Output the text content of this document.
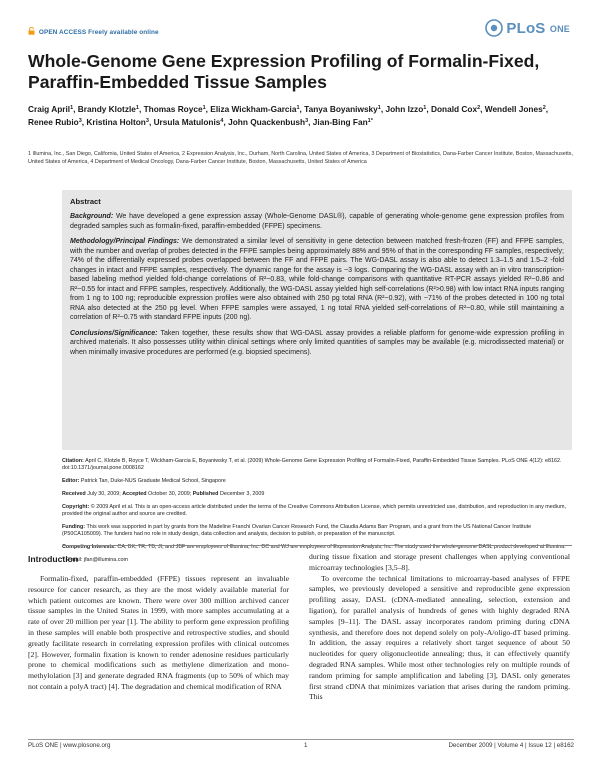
OPEN ACCESS Freely available online	PLoS ONE
Whole-Genome Gene Expression Profiling of Formalin-Fixed, Paraffin-Embedded Tissue Samples
Craig April$^1$, Brandy Klotzle$^1$, Thomas Royce$^1$, Eliza Wickham-Garcia$^1$, Tanya Boyaniwsky$^1$, John Izzo$^1$, Donald Cox$^2$, Wendell Jones$^2$, Renee Rubio$^3$, Kristina Holton$^3$, Ursula Matulonis$^4$, John Quackenbush$^3$, Jian-Bing Fan$^{1*}$
1 Illumina, Inc., San Diego, California, United States of America, 2 Expression Analysis, Inc., Durham, North Carolina, United States of America, 3 Department of Biostatistics, Dana-Farber Cancer Institute, Boston, Massachusetts, United States of America, 4 Department of Medical Oncology, Dana-Farber Cancer Institute, Boston, Massachusetts, United States of America
Abstract

Background: We have developed a gene expression assay (Whole-Genome DASL®), capable of generating whole-genome gene expression profiles from degraded samples such as formalin-fixed, paraffin-embedded (FFPE) specimens.

Methodology/Principal Findings: We demonstrated a similar level of sensitivity in gene detection between matched fresh-frozen (FF) and FFPE samples, with the number and overlap of probes detected in the FFPE samples being approximately 88% and 95% of that in the corresponding FF samples, respectively; 74% of the differentially expressed probes overlapped between the FF and FFPE pairs. The WG-DASL assay is also able to detect 1.3–1.5 and 1.5–2 -fold changes in intact and FFPE samples, respectively. The dynamic range for the assay is ~3 logs. Comparing the WG-DASL assay with an in vitro transcription-based labeling method yielded fold-change correlations of R²~0.83, while fold-change comparisons with quantitative RT-PCR assays yielded R²~0.86 and R²~0.55 for intact and FFPE samples, respectively. Additionally, the WG-DASL assay yielded high self-correlations (R²>0.98) with low intact RNA inputs ranging from 1 ng to 100 ng; reproducible expression profiles were also obtained with 250 pg total RNA (R²~0.92), with ~71% of the probes detected in 100 ng total RNA also detected at the 250 pg level. When FFPE samples were assayed, 1 ng total RNA yielded self-correlations of R²~0.80, while still maintaining a correlation of R²~0.75 with standard FFPE inputs (200 ng).

Conclusions/Significance: Taken together, these results show that WG-DASL assay provides a reliable platform for genome-wide expression profiling in archived materials. It also possesses utility within clinical settings where only limited quantities of samples may be available (e.g. microdissected material) or when minimally invasive procedures are performed (e.g. biopsied specimens).

Citation: April C, Klotzle B, Royce T, Wickham-Garcia E, Boyaniwsky T, et al. (2009) Whole-Genome Gene Expression Profiling of Formalin-Fixed, Paraffin-Embedded Tissue Samples. PLoS ONE 4(12): e8162. doi:10.1371/journal.pone.0008162
Editor: Patrick Tan, Duke-NUS Graduate Medical School, Singapore
Received July 30, 2009; Accepted October 30, 2009; Published December 3, 2009
Copyright: © 2009 April et al. This is an open-access article distributed under the terms of the Creative Commons Attribution License, which permits unrestricted use, distribution, and reproduction in any medium, provided the original author and source are credited.
Funding: This work was supported in part by grants from the Madeline Franchi Ovarian Cancer Research Fund, the Claudia Adams Barr Program, and a grant from the US National Cancer Institute (P50CA105009). The funders had no role in study design, data collection and analysis, decision to publish, or preparation of the manuscript.
Competing Interests: CA, BK, TR, TB, JI, and JBF are employees of Illumina, Inc. DC and WJ are employees of Expression Analysis, Inc. The study used the whole-genome DASL product developed at Illumina.
* E-mail: jfan@illumina.com
Introduction

Formalin-fixed, paraffin-embedded (FFPE) tissues represent an invaluable resource for cancer research, as they are the most widely available material for which patient outcomes are known. There were over 300 million archived cancer tissue samples in the United States in 1999, with more samples accumulating at a rate of over 20 million per year [1]. The ability to perform gene expression profiling in these samples will enable both prospective and retrospective studies, and should greatly facilitate research in correlating expression profiles with clinical outcomes [2]. However, formalin fixation is known to render adenosine residues particularly prone to chemical modifications such as methylene dimerization and mono-methylolation [3] and generate degraded RNA fragments (up to 50% of which may not contain a polyA tract) [4]. The degradation and chemical modification of RNA

during tissue fixation and storage present challenges when applying conventional microarray technologies [3,5–8].

To overcome the technical limitations to microarray-based analyses of FFPE samples, we previously developed a sensitive and reproducible gene expression profiling assay, DASL (cDNA-mediated annealing, selection, extension and ligation), for parallel analysis of hundreds of genes with highly degraded RNA samples [9–11]. The DASL assay incorporates random priming during cDNA synthesis, and therefore does not depend solely on poly-A/oligo-dT based priming. In addition, the assay requires a relatively short target sequence of about 50 nucleotides for query oligonucleotide annealing; thus, it can effectively quantify degraded RNA samples. While most other technologies rely on multiple rounds of random priming for sample amplification and labeling [3], DASL only generates first strand cDNA that minimizes variation that arises during the random priming. This

PLoS ONE | www.plosone.org	1	December 2009 | Volume 4 | Issue 12 | e8162
